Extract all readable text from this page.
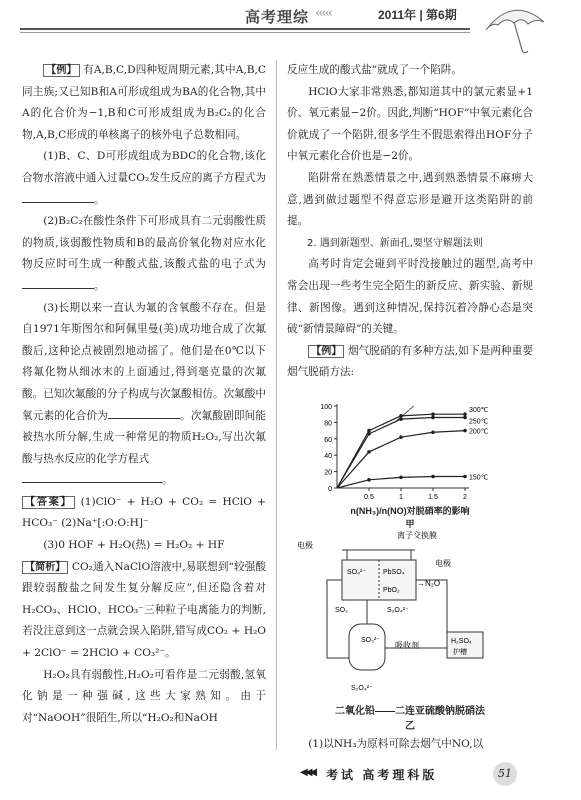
高考理综 ‹‹‹‹‹	2011年 | 第6期

【例】 有A,B,C,D四种短周期元素,其中A,B,C同主族;又已知B和A可形成组成为BA的化合物,其中A的化合价为−1,B和C可形成组成为B₂C₂的化合物,A,B,C形成的单核离子的核外电子总数相同。

(1)B、C、D可形成组成为BDC的化合物,该化合物水溶液中通入过量CO₂发生反应的离子方程式为。

(2)B₂C₂在酸性条件下可形成具有二元弱酸性质的物质,该弱酸性物质和B的最高价氧化物对应水化物反应时可生成一种酸式盐,该酸式盐的电子式为。

(3)长期以来一直认为氟的含氧酸不存在。但是自1971年斯图尔和阿佩里曼(美)成功地合成了次氟酸后,这种论点被剧烈地动摇了。他们是在0℃以下将氟化物从细冰末的上面通过,得到毫克量的次氟酸。已知次氟酸的分子构成与次氯酸相仿。次氟酸中氧元素的化合价为	。次氟酸剧即间能被热水所分解,生成一种常见的物质H₂O₂,写出次氟酸与热水反应的化学方程式

。

【答案】 (1)ClO⁻ + H₂O + CO₂ = HClO + HCO₃⁻ (2)Na⁺[:O:O:H]⁻

(3)0 HOF + H₂O(热) = H₂O₂ + HF

【简析】 CO₂通入NaClO溶液中,易联想到“较强酸跟较弱酸盐之间发生复分解反应”,但还隐含着对H₂CO₃、HClO、HCO₃⁻三种粒子电离能力的判断,若没注意到这一点就会误入陷阱,错写成CO₂ + H₂O + 2ClO⁻ = 2HClO + CO₃²⁻。

H₂O₂具有弱酸性,H₂O₂可看作是二元弱酸,氢氧化钠是一种强碱,这些大家熟知。由于对“NaOOH”很陌生,所以“H₂O₂和NaOH

反应生成的酸式盐”就成了一个陷阱。

HClO大家非常熟悉,都知道其中的氯元素显+1价、氧元素显−2价。因此,判断“HOF”中氧元素化合价就成了一个陷阱,很多学生不假思索得出HOF分子中氧元素化合价也是−2价。

陷阱常在熟悉情景之中,遇到熟悉情景不麻痹大意,遇到做过题型不得意忘形是避开这类陷阱的前提。

2. 遇到新题型、新面孔,要坚守解题法则

高考时肯定会碰到平时没接触过的题型,高考中常会出现一些考生完全陌生的新反应、新实验、新规律、新图像。遇到这种情况,保持沉着冷静心态是突破“新情景障碍”的关键。

【例】 烟气脱硝的有多种方法,如下是两种重要烟气脱硝方法:

0
20
40
60
80
100
0.5	1	1.5	2
300℃
250℃
200℃
150℃
n(NH₃)/n(NO)对脱硝率的影响
甲
电极
离子交换膜
电极
SO₄²⁻ PbSO₄
PbO₂
SO₂
→N₂O
S₂O₄²⁻
SO₃²⁻
吸收剂
S₂O₄²⁻
H₂SO₄
护槽
二氧化铅——二连亚硫酸钠脱硝法
乙

(1)以NH₃为原料可除去烟气中NO,以

◀◀◀ 考试 高考理科版	51
